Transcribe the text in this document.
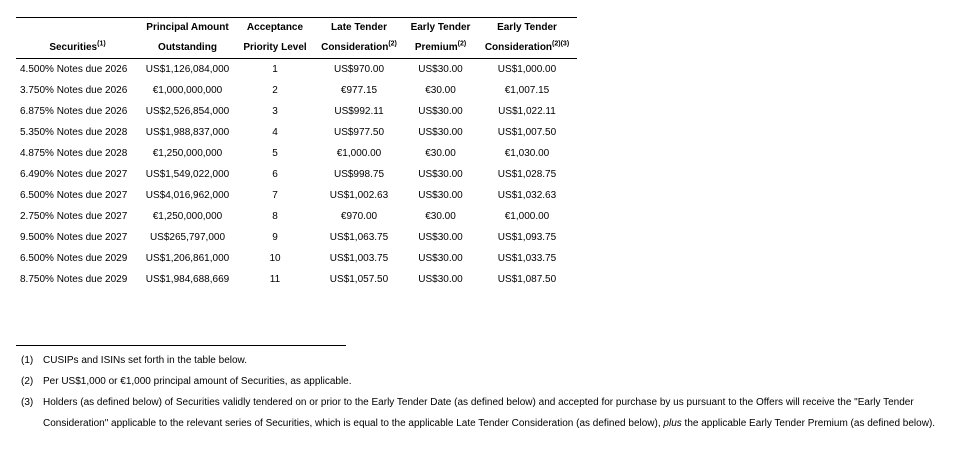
	Principal Amount	Acceptance	Late Tender	Early Tender	Early Tender
Securities$^{(1)}$	Outstanding	Priority Level	Consideration$^{(2)}$	Premium$^{(2)}$	Consideration$^{(2)(3)}$
4.500% Notes due 2026	US$1,126,084,000	1	US$970.00	US$30.00	US$1,000.00
3.750% Notes due 2026	€1,000,000,000	2	€977.15	€30.00	€1,007.15
6.875% Notes due 2026	US$2,526,854,000	3	US$992.11	US$30.00	US$1,022.11
5.350% Notes due 2028	US$1,988,837,000	4	US$977.50	US$30.00	US$1,007.50
4.875% Notes due 2028	€1,250,000,000	5	€1,000.00	€30.00	€1,030.00
6.490% Notes due 2027	US$1,549,022,000	6	US$998.75	US$30.00	US$1,028.75
6.500% Notes due 2027	US$4,016,962,000	7	US$1,002.63	US$30.00	US$1,032.63
2.750% Notes due 2027	€1,250,000,000	8	€970.00	€30.00	€1,000.00
9.500% Notes due 2027	US$265,797,000	9	US$1,063.75	US$30.00	US$1,093.75
6.500% Notes due 2029	US$1,206,861,000	10	US$1,003.75	US$30.00	US$1,033.75
8.750% Notes due 2029	US$1,984,688,669	11	US$1,057.50	US$30.00	US$1,087.50
(1) CUSIPs and ISINs set forth in the table below.
(2) Per US$1,000 or €1,000 principal amount of Securities, as applicable.
(3) Holders (as defined below) of Securities validly tendered on or prior to the Early Tender Date (as defined below) and accepted for purchase by us pursuant to the Offers will receive the "Early Tender Consideration" applicable to the relevant series of Securities, which is equal to the applicable Late Tender Consideration (as defined below), plus the applicable Early Tender Premium (as defined below).
